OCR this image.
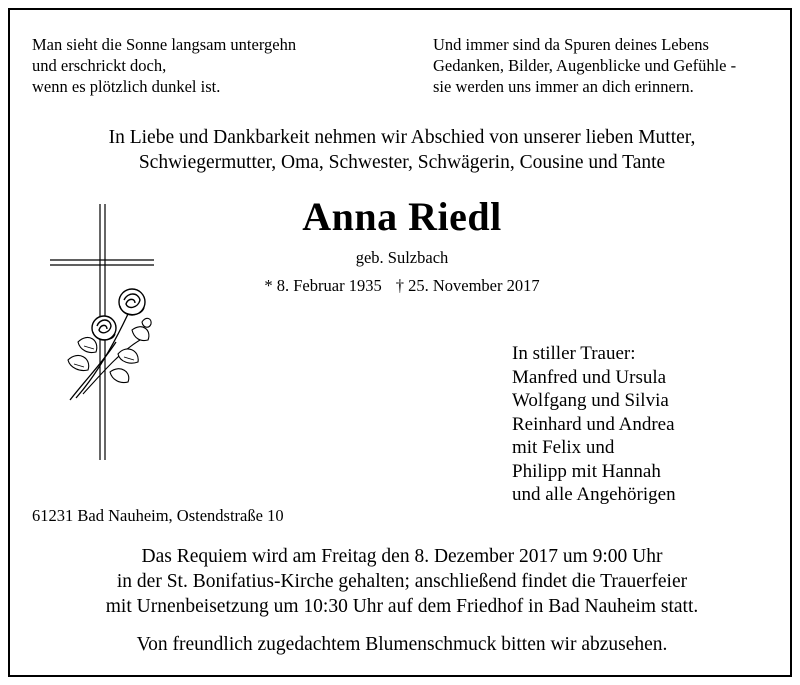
Man sieht die Sonne langsam untergehn
und erschrickt doch,
wenn es plötzlich dunkel ist.
Und immer sind da Spuren deines Lebens
Gedanken, Bilder, Augenblicke und Gefühle -
sie werden uns immer an dich erinnern.
In Liebe und Dankbarkeit nehmen wir Abschied von unserer lieben Mutter,
Schwiegermutter, Oma, Schwester, Schwägerin, Cousine und Tante
Anna Riedl
geb. Sulzbach
* 8. Februar 1935 † 25. November 2017
In stiller Trauer:
Manfred und Ursula
Wolfgang und Silvia
Reinhard und Andrea
mit Felix und
Philipp mit Hannah
und alle Angehörigen
61231 Bad Nauheim, Ostendstraße 10
Das Requiem wird am Freitag den 8. Dezember 2017 um 9:00 Uhr
in der St. Bonifatius-Kirche gehalten; anschließend findet die Trauerfeier
mit Urnenbeisetzung um 10:30 Uhr auf dem Friedhof in Bad Nauheim statt.
Von freundlich zugedachtem Blumenschmuck bitten wir abzusehen.
